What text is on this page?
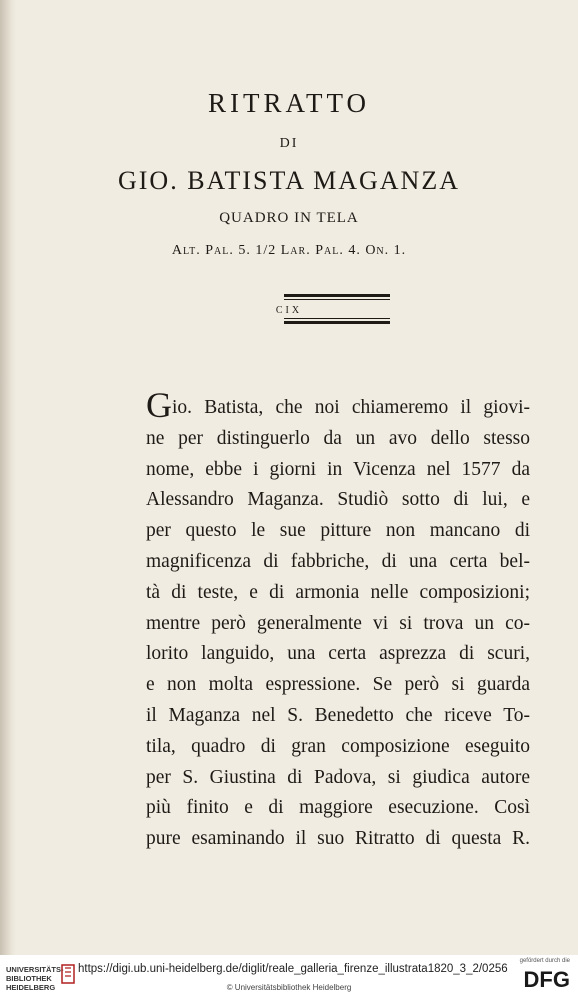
RITRATTO
DI
GIO. BATISTA MAGANZA
QUADRO IN TELA
Alt. Pal. 5. 1/2 Lar. Pal. 4. On. 1.
CIX
Gio. Batista, che noi chiameremo il giovi-
ne per distinguerlo da un avo dello stesso
nome, ebbe i giorni in Vicenza nel 1577 da
Alessandro Maganza. Studiò sotto di lui, e
per questo le sue pitture non mancano di
magnificenza di fabbriche, di una certa bel-
tà di teste, e di armonia nelle composizioni;
mentre però generalmente vi si trova un co-
lorito languido, una certa asprezza di scuri,
e non molta espressione. Se però si guarda
il Maganza nel S. Benedetto che riceve To-
tila, quadro di gran composizione eseguito
per S. Giustina di Padova, si giudica autore
più finito e di maggiore esecuzione. Così
pure esaminando il suo Ritratto di questa R.
UNIVERSITÄTS-
BIBLIOTHEK
HEIDELBERG
https://digi.ub.uni-heidelberg.de/diglit/reale_galleria_firenze_illustrata1820_3_2/0256
© Universitätsbibliothek Heidelberg
gefördert durch die
DFG
